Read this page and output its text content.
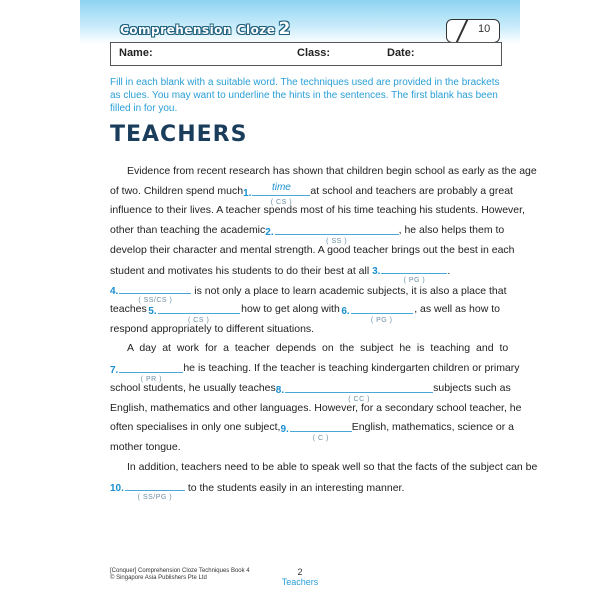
Comprehension Cloze 2	10
Name:	Class:	Date:
Fill in each blank with a suitable word. The techniques used are provided in the brackets as clues. You may want to underline the hints in the sentences. The first blank has been filled in for you.
TEACHERS
Evidence from recent research has shown that children begin school as early as the age
of two. Children spend much 1.
time
( CS )
at school and teachers are probably a great
influence to their lives. A teacher spends most of his time teaching his students. However,
other than teaching the academic 2.
( SS )
, he also helps them to
develop their character and mental strength. A good teacher brings out the best in each
student and motivates his students to do their best at all 3.
( PG )
.
4.
( SS/CS )
is not only a place to learn academic subjects, it is also a place that
teaches 5.
( CS )
how to get along with 6.
( PG )
, as well as how to
respond appropriately to different situations.
A day at work for a teacher depends on the subject he is teaching and to
7.
( PR )
he is teaching. If the teacher is teaching kindergarten children or primary
school students, he usually teaches 8.
( CC )
subjects such as
English, mathematics and other languages. However, for a secondary school teacher, he
often specialises in only one subject, 9.
( C )
English, mathematics, science or a
mother tongue.
In addition, teachers need to be able to speak well so that the facts of the subject can be
10.
( SS/PG )
to the students easily in an interesting manner.
[Conquer] Comprehension Cloze Techniques Book 4
© Singapore Asia Publishers Pte Ltd
2
Teachers
